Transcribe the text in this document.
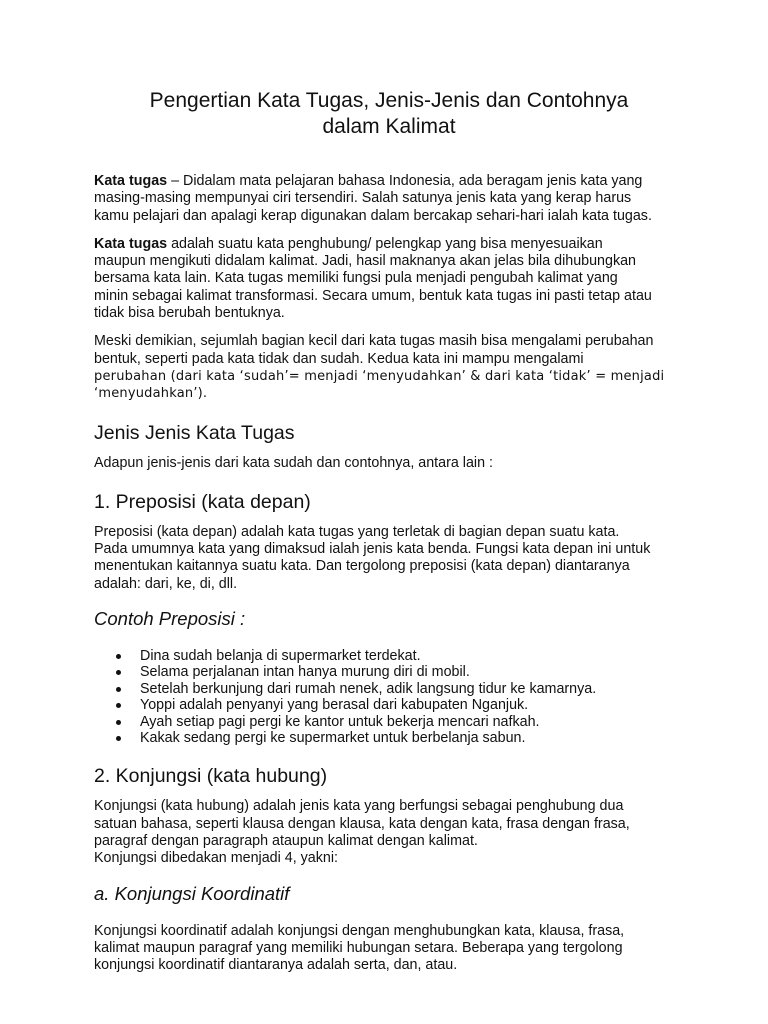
Pengertian Kata Tugas, Jenis-Jenis dan Contohnya
dalam Kalimat

Kata tugas – Didalam mata pelajaran bahasa Indonesia, ada beragam jenis kata yang
masing-masing mempunyai ciri tersendiri. Salah satunya jenis kata yang kerap harus
kamu pelajari dan apalagi kerap digunakan dalam bercakap sehari-hari ialah kata tugas.

Kata tugas adalah suatu kata penghubung/ pelengkap yang bisa menyesuaikan
maupun mengikuti didalam kalimat. Jadi, hasil maknanya akan jelas bila dihubungkan
bersama kata lain. Kata tugas memiliki fungsi pula menjadi pengubah kalimat yang
minin sebagai kalimat transformasi. Secara umum, bentuk kata tugas ini pasti tetap atau
tidak bisa berubah bentuknya.

Meski demikian, sejumlah bagian kecil dari kata tugas masih bisa mengalami perubahan
bentuk, seperti pada kata tidak dan sudah. Kedua kata ini mampu mengalami
perubahan (dari kata ‘sudah’= menjadi ‘menyudahkan’ & dari kata ‘tidak’ = menjadi
‘menyudahkan’).

Jenis Jenis Kata Tugas

Adapun jenis-jenis dari kata sudah dan contohnya, antara lain :

1. Preposisi (kata depan)

Preposisi (kata depan) adalah kata tugas yang terletak di bagian depan suatu kata.
Pada umumnya kata yang dimaksud ialah jenis kata benda. Fungsi kata depan ini untuk
menentukan kaitannya suatu kata. Dan tergolong preposisi (kata depan) diantaranya
adalah: dari, ke, di, dll.

Contoh Preposisi :
Dina sudah belanja di supermarket terdekat.
Selama perjalanan intan hanya murung diri di mobil.
Setelah berkunjung dari rumah nenek, adik langsung tidur ke kamarnya.
Yoppi adalah penyanyi yang berasal dari kabupaten Nganjuk.
Ayah setiap pagi pergi ke kantor untuk bekerja mencari nafkah.
Kakak sedang pergi ke supermarket untuk berbelanja sabun.
2. Konjungsi (kata hubung)

Konjungsi (kata hubung) adalah jenis kata yang berfungsi sebagai penghubung dua
satuan bahasa, seperti klausa dengan klausa, kata dengan kata, frasa dengan frasa,
paragraf dengan paragraph ataupun kalimat dengan kalimat.
Konjungsi dibedakan menjadi 4, yakni:

a. Konjungsi Koordinatif

Konjungsi koordinatif adalah konjungsi dengan menghubungkan kata, klausa, frasa,
kalimat maupun paragraf yang memiliki hubungan setara. Beberapa yang tergolong
konjungsi koordinatif diantaranya adalah serta, dan, atau.
